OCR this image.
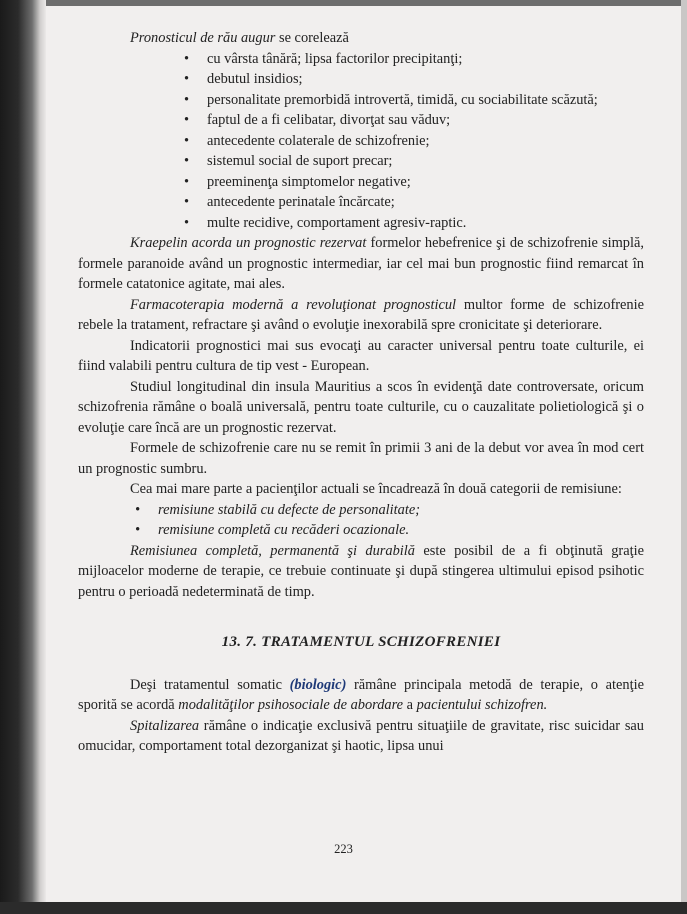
Pronosticul de rău augur se corelează

• cu vârsta tânără; lipsa factorilor precipitanţi;
• debutul insidios;
• personalitate premorbidă introvertă, timidă, cu sociabilitate scăzută;
• faptul de a fi celibatar, divorţat sau văduv;
• antecedente colaterale de schizofrenie;
• sistemul social de suport precar;
• preeminenţa simptomelor negative;
• antecedente perinatale încărcate;
• multe recidive, comportament agresiv-raptic.

Kraepelin acorda un prognostic rezervat formelor hebefrenice şi de schizofrenie simplă, formele paranoide având un prognostic intermediar, iar cel mai bun prognostic fiind remarcat în formele catatonice agitate, mai ales.

Farmacoterapia modernă a revoluţionat prognosticul multor forme de schizofrenie rebele la tratament, refractare şi având o evoluţie inexorabilă spre cronicitate şi deteriorare.

Indicatorii prognostici mai sus evocaţi au caracter universal pentru toate culturile, ei fiind valabili pentru cultura de tip vest - European.

Studiul longitudinal din insula Mauritius a scos în evidenţă date controversate, oricum schizofrenia rămâne o boală universală, pentru toate culturile, cu o cauzalitate polietiologică şi o evoluţie care încă are un prognostic rezervat.

Formele de schizofrenie care nu se remit în primii 3 ani de la debut vor avea în mod cert un prognostic sumbru.

Cea mai mare parte a pacienţilor actuali se încadrează în două categorii de remisiune:

• remisiune stabilă cu defecte de personalitate;
• remisiune completă cu recăderi ocazionale.

Remisiunea completă, permanentă şi durabilă este posibil de a fi obţinută graţie mijloacelor moderne de terapie, ce trebuie continuate şi după stingerea ultimului episod psihotic pentru o perioadă nedeterminată de timp.

13. 7. TRATAMENTUL SCHIZOFRENIEI

Deşi tratamentul somatic (biologic) rămâne principala metodă de terapie, o atenţie sporită se acordă modalităţilor psihosociale de abordare a pacientului schizofren.

Spitalizarea rămâne o indicaţie exclusivă pentru situaţiile de gravitate, risc suicidar sau omucidar, comportament total dezorganizat şi haotic, lipsa unui

223
